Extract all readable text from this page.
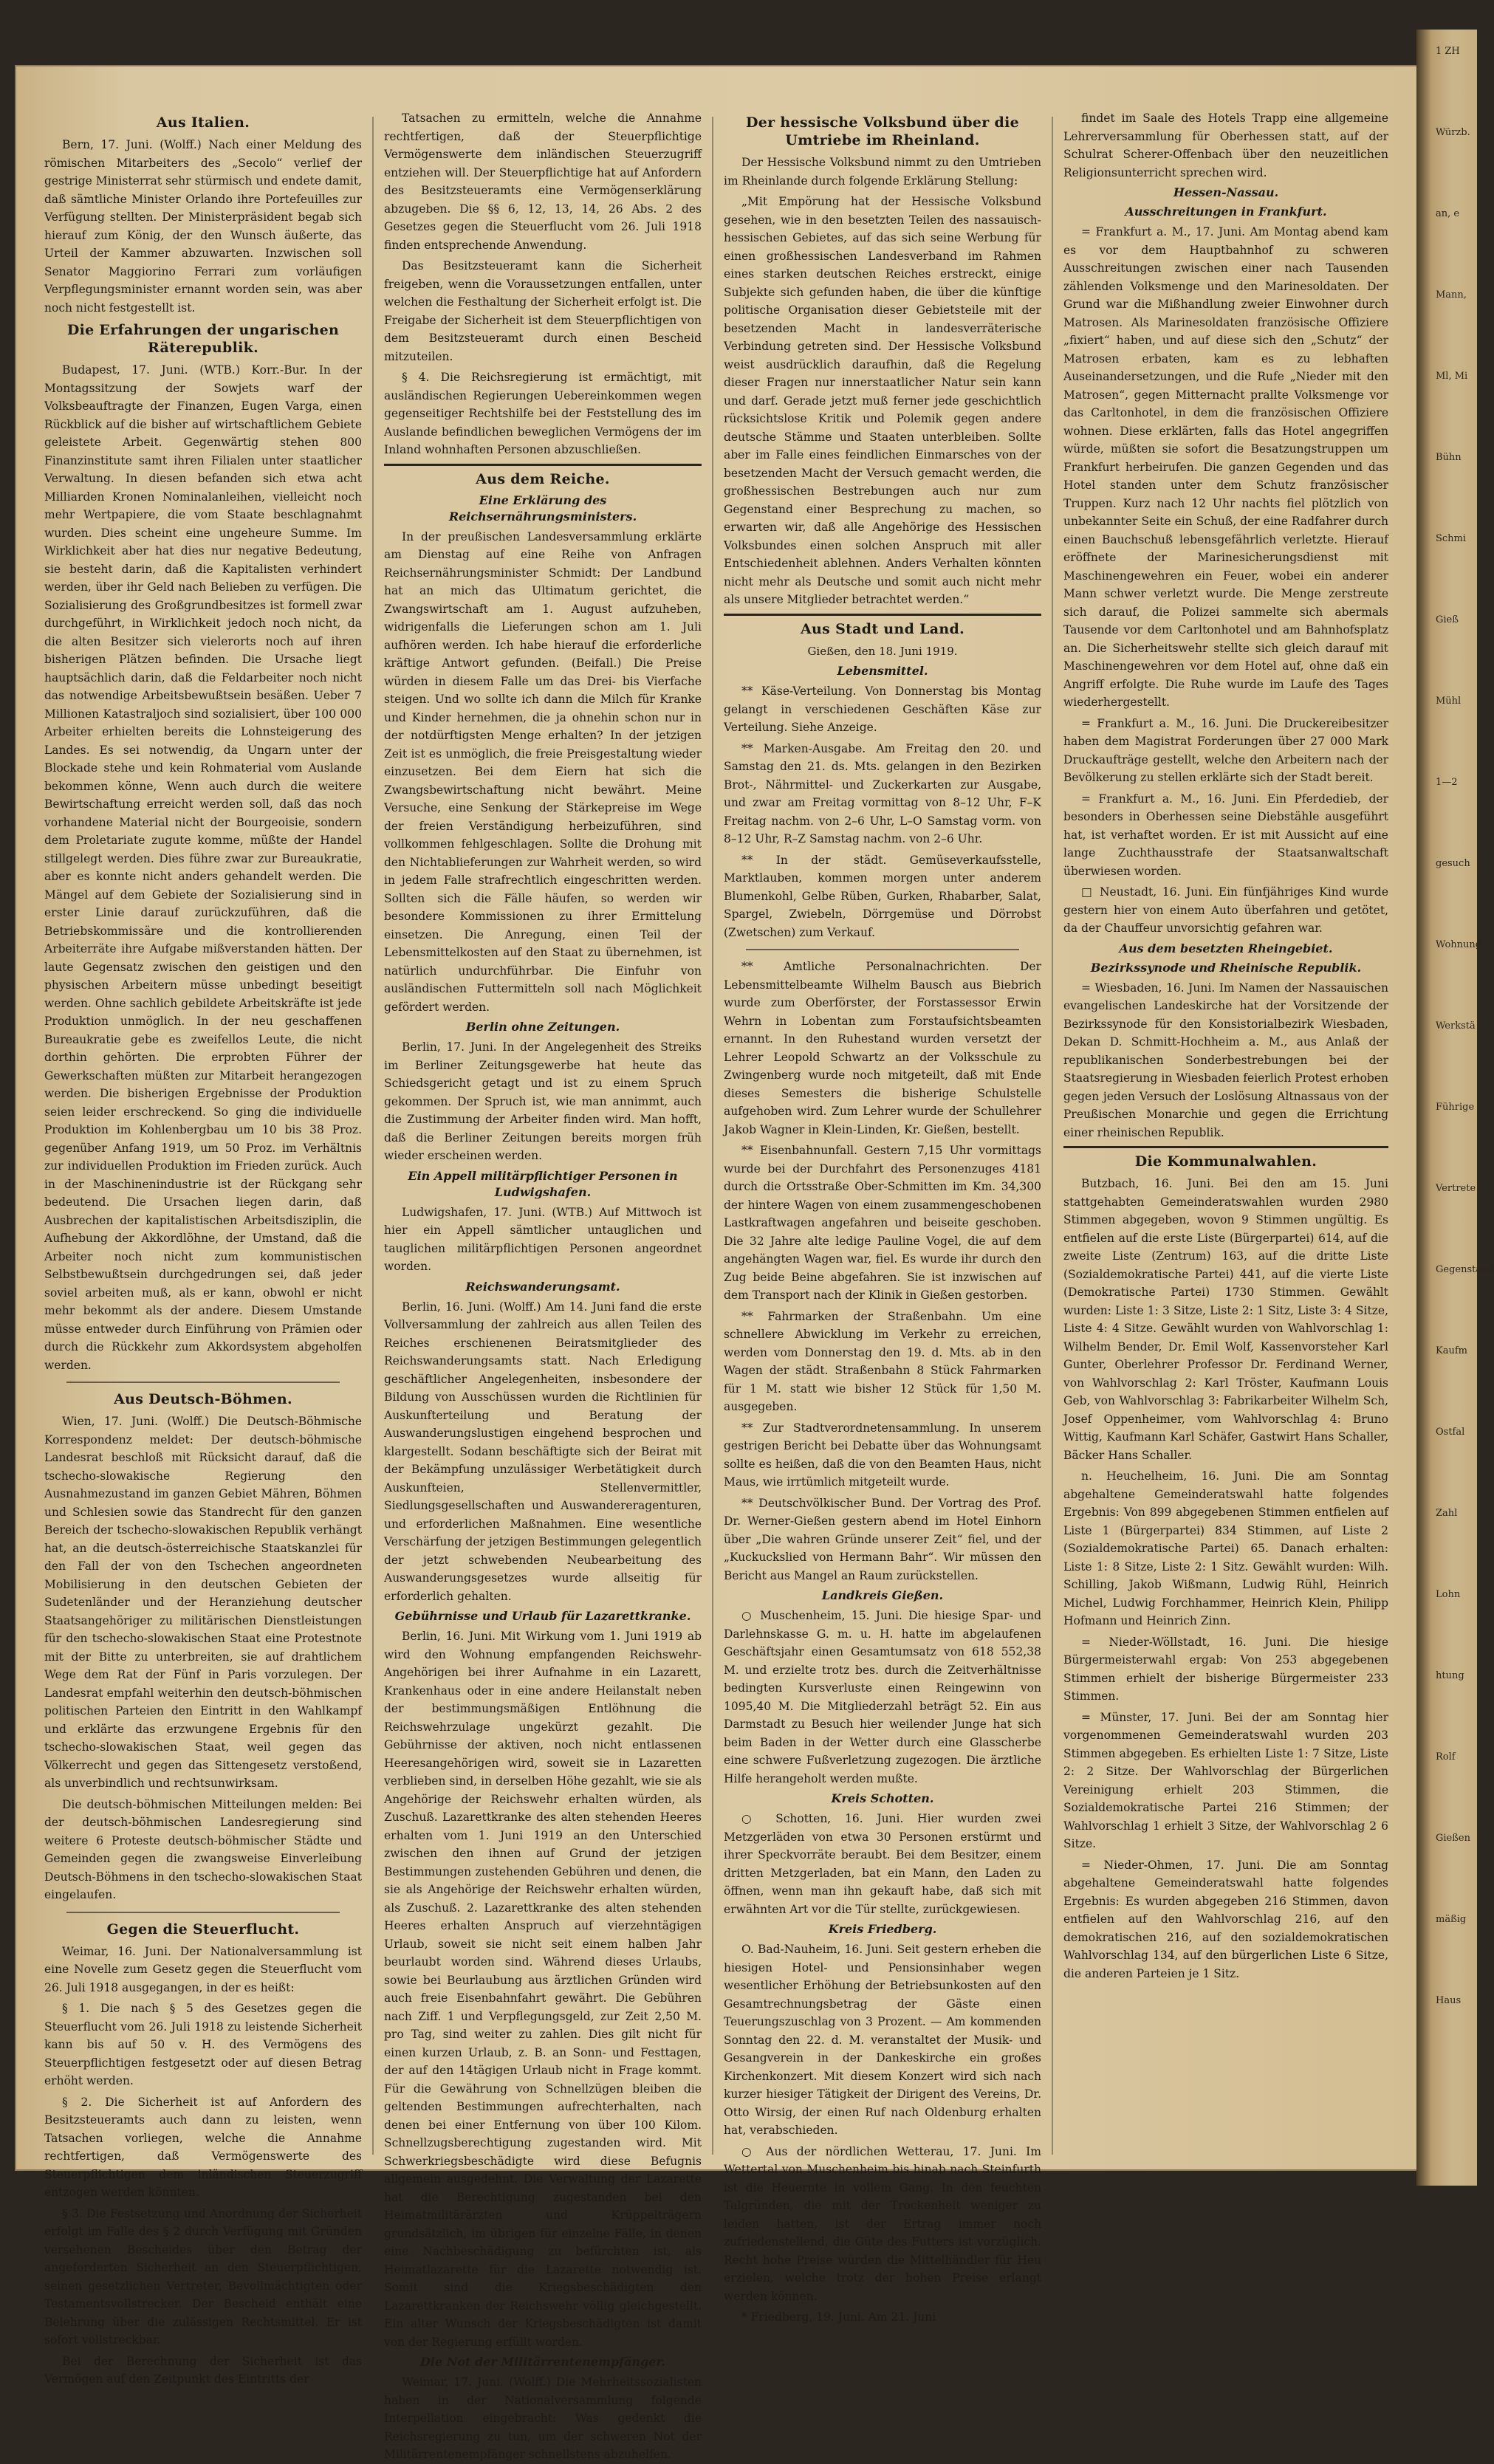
Aus Italien.

Bern, 17. Juni. (Wolff.) Nach einer Meldung des römischen Mitarbeiters des „Secolo“ verlief der gestrige Ministerrat sehr stürmisch und endete damit, daß sämtliche Minister Orlando ihre Portefeuilles zur Verfügung stellten. Der Ministerpräsident begab sich hierauf zum König, der den Wunsch äußerte, das Urteil der Kammer abzuwarten. Inzwischen soll Senator Maggiorino Ferrari zum vorläufigen Verpflegungsminister ernannt worden sein, was aber noch nicht festgestellt ist.

Die Erfahrungen der ungarischen Räterepublik.

Budapest, 17. Juni. (WTB.) Korr.-Bur. In der Montagssitzung der Sowjets warf der Volksbeauftragte der Finanzen, Eugen Varga, einen Rückblick auf die bisher auf wirtschaftlichem Gebiete geleistete Arbeit. Gegenwärtig stehen 800 Finanzinstitute samt ihren Filialen unter staatlicher Verwaltung. In diesen befanden sich etwa acht Milliarden Kronen Nominalanleihen, vielleicht noch mehr Wertpapiere, die vom Staate beschlagnahmt wurden. Dies scheint eine ungeheure Summe. Im Wirklichkeit aber hat dies nur negative Bedeutung, sie besteht darin, daß die Kapitalisten verhindert werden, über ihr Geld nach Belieben zu verfügen. Die Sozialisierung des Großgrundbesitzes ist formell zwar durchgeführt, in Wirklichkeit jedoch noch nicht, da die alten Besitzer sich vielerorts noch auf ihren bisherigen Plätzen befinden. Die Ursache liegt hauptsächlich darin, daß die Feldarbeiter noch nicht das notwendige Arbeitsbewußtsein besäßen. Ueber 7 Millionen Katastraljoch sind sozialisiert, über 100 000 Arbeiter erhielten bereits die Lohnsteigerung des Landes. Es sei notwendig, da Ungarn unter der Blockade stehe und kein Rohmaterial vom Auslande bekommen könne, Wenn auch durch die weitere Bewirtschaftung erreicht werden soll, daß das noch vorhandene Material nicht der Bourgeoisie, sondern dem Proletariate zugute komme, müßte der Handel stillgelegt werden. Dies führe zwar zur Bureaukratie, aber es konnte nicht anders gehandelt werden. Die Mängel auf dem Gebiete der Sozialisierung sind in erster Linie darauf zurückzuführen, daß die Betriebskommissäre und die kontrollierenden Arbeiterräte ihre Aufgabe mißverstanden hätten. Der laute Gegensatz zwischen den geistigen und den physischen Arbeitern müsse unbedingt beseitigt werden. Ohne sachlich gebildete Arbeitskräfte ist jede Produktion unmöglich. In der neu geschaffenen Bureaukratie gebe es zweifellos Leute, die nicht dorthin gehörten. Die erprobten Führer der Gewerkschaften müßten zur Mitarbeit herangezogen werden. Die bisherigen Ergebnisse der Produktion seien leider erschreckend. So ging die individuelle Produktion im Kohlenbergbau um 10 bis 38 Proz. gegenüber Anfang 1919, um 50 Proz. im Verhältnis zur individuellen Produktion im Frieden zurück. Auch in der Maschinenindustrie ist der Rückgang sehr bedeutend. Die Ursachen liegen darin, daß Ausbrechen der kapitalistischen Arbeitsdisziplin, die Aufhebung der Akkordlöhne, der Umstand, daß die Arbeiter noch nicht zum kommunistischen Selbstbewußtsein durchgedrungen sei, daß jeder soviel arbeiten muß, als er kann, obwohl er nicht mehr bekommt als der andere. Diesem Umstande müsse entweder durch Einführung von Prämien oder durch die Rückkehr zum Akkordsystem abgeholfen werden.

Aus Deutsch-Böhmen.

Wien, 17. Juni. (Wolff.) Die Deutsch-Böhmische Korrespondenz meldet: Der deutsch-böhmische Landesrat beschloß mit Rücksicht darauf, daß die tschecho-slowakische Regierung den Ausnahmezustand im ganzen Gebiet Mähren, Böhmen und Schlesien sowie das Standrecht für den ganzen Bereich der tschecho-slowakischen Republik verhängt hat, an die deutsch-österreichische Staatskanzlei für den Fall der von den Tschechen angeordneten Mobilisierung in den deutschen Gebieten der Sudetenländer und der Heranziehung deutscher Staatsangehöriger zu militärischen Dienstleistungen für den tschecho-slowakischen Staat eine Protestnote mit der Bitte zu unterbreiten, sie auf drahtlichem Wege dem Rat der Fünf in Paris vorzulegen. Der Landesrat empfahl weiterhin den deutsch-böhmischen politischen Parteien den Eintritt in den Wahlkampf und erklärte das erzwungene Ergebnis für den tschecho-slowakischen Staat, weil gegen das Völkerrecht und gegen das Sittengesetz verstoßend, als unverbindlich und rechtsunwirksam.

Die deutsch-böhmischen Mitteilungen melden: Bei der deutsch-böhmischen Landesregierung sind weitere 6 Proteste deutsch-böhmischer Städte und Gemeinden gegen die zwangsweise Einverleibung Deutsch-Böhmens in den tschecho-slowakischen Staat eingelaufen.

Gegen die Steuerflucht.

Weimar, 16. Juni. Der Nationalversammlung ist eine Novelle zum Gesetz gegen die Steuerflucht vom 26. Juli 1918 ausgegangen, in der es heißt:

§ 1. Die nach § 5 des Gesetzes gegen die Steuerflucht vom 26. Juli 1918 zu leistende Sicherheit kann bis auf 50 v. H. des Vermögens des Steuerpflichtigen festgesetzt oder auf diesen Betrag erhöht werden.

§ 2. Die Sicherheit ist auf Anfordern des Besitzsteueramts auch dann zu leisten, wenn Tatsachen vorliegen, welche die Annahme rechtfertigen, daß Vermögenswerte des Steuerpflichtigen dem inländischen Steuerzugriff entzogen werden könnten.

§ 3. Die Festsetzung und Anordnung der Sicherheit erfolgt im Falle des § 2 durch Verfügung mit Gründen versehenen Bescheides über den Betrag der angeforderten Sicherheit an den Steuerpflichtigen, seinen gesetzlichen Vertreter, Bevollmächtigten oder Testamentsvollstrecker. Der Bescheid enthält eine Belehrung über die zulässigen Rechtsmittel. Er ist sofort vollstreckbar.

Bei der Berechnung der Sicherheit ist das Vermögen auf den Zeitpunkt des Eintritts der

Tatsachen zu ermitteln, welche die Annahme rechtfertigen, daß der Steuerpflichtige Vermögenswerte dem inländischen Steuerzugriff entziehen will. Der Steuerpflichtige hat auf Anfordern des Besitzsteueramts eine Vermögenserklärung abzugeben. Die §§ 6, 12, 13, 14, 26 Abs. 2 des Gesetzes gegen die Steuerflucht vom 26. Juli 1918 finden entsprechende Anwendung.

Das Besitzsteueramt kann die Sicherheit freigeben, wenn die Voraussetzungen entfallen, unter welchen die Festhaltung der Sicherheit erfolgt ist. Die Freigabe der Sicherheit ist dem Steuerpflichtigen von dem Besitzsteueramt durch einen Bescheid mitzuteilen.

§ 4. Die Reichsregierung ist ermächtigt, mit ausländischen Regierungen Uebereinkommen wegen gegenseitiger Rechtshilfe bei der Feststellung des im Auslande befindlichen beweglichen Vermögens der im Inland wohnhaften Personen abzuschließen.

Aus dem Reiche.
Eine Erklärung des Reichsernährungsministers.

In der preußischen Landesversammlung erklärte am Dienstag auf eine Reihe von Anfragen Reichsernährungsminister Schmidt: Der Landbund hat an mich das Ultimatum gerichtet, die Zwangswirtschaft am 1. August aufzuheben, widrigenfalls die Lieferungen schon am 1. Juli aufhören werden. Ich habe hierauf die erforderliche kräftige Antwort gefunden. (Beifall.) Die Preise würden in diesem Falle um das Drei- bis Vierfache steigen. Und wo sollte ich dann die Milch für Kranke und Kinder hernehmen, die ja ohnehin schon nur in der notdürftigsten Menge erhalten? In der jetzigen Zeit ist es unmöglich, die freie Preisgestaltung wieder einzusetzen. Bei dem Eiern hat sich die Zwangsbewirtschaftung nicht bewährt. Meine Versuche, eine Senkung der Stärkepreise im Wege der freien Verständigung herbeizuführen, sind vollkommen fehlgeschlagen. Sollte die Drohung mit den Nichtablieferungen zur Wahrheit werden, so wird in jedem Falle strafrechtlich eingeschritten werden. Sollten sich die Fälle häufen, so werden wir besondere Kommissionen zu ihrer Ermittelung einsetzen. Die Anregung, einen Teil der Lebensmittelkosten auf den Staat zu übernehmen, ist natürlich undurchführbar. Die Einfuhr von ausländischen Futtermitteln soll nach Möglichkeit gefördert werden.

Berlin ohne Zeitungen.

Berlin, 17. Juni. In der Angelegenheit des Streiks im Berliner Zeitungsgewerbe hat heute das Schiedsgericht getagt und ist zu einem Spruch gekommen. Der Spruch ist, wie man annimmt, auch die Zustimmung der Arbeiter finden wird. Man hofft, daß die Berliner Zeitungen bereits morgen früh wieder erscheinen werden.

Ein Appell militärpflichtiger Personen in Ludwigshafen.

Ludwigshafen, 17. Juni. (WTB.) Auf Mittwoch ist hier ein Appell sämtlicher untauglichen und tauglichen militärpflichtigen Personen angeordnet worden.

Reichswanderungsamt.

Berlin, 16. Juni. (Wolff.) Am 14. Juni fand die erste Vollversammlung der zahlreich aus allen Teilen des Reiches erschienenen Beiratsmitglieder des Reichswanderungsamts statt. Nach Erledigung geschäftlicher Angelegenheiten, insbesondere der Bildung von Ausschüssen wurden die Richtlinien für Auskunfterteilung und Beratung der Auswanderungslustigen eingehend besprochen und klargestellt. Sodann beschäftigte sich der Beirat mit der Bekämpfung unzulässiger Werbetätigkeit durch Auskunfteien, Stellenvermittler, Siedlungsgesellschaften und Auswandereragenturen, und erforderlichen Maßnahmen. Eine wesentliche Verschärfung der jetzigen Bestimmungen gelegentlich der jetzt schwebenden Neubearbeitung des Auswanderungsgesetzes wurde allseitig für erforderlich gehalten.

Gebührnisse und Urlaub für Lazarettkranke.

Berlin, 16. Juni. Mit Wirkung vom 1. Juni 1919 ab wird den Wohnung empfangenden Reichswehr-Angehörigen bei ihrer Aufnahme in ein Lazarett, Krankenhaus oder in eine andere Heilanstalt neben der bestimmungsmäßigen Entlöhnung die Reichswehrzulage ungekürzt gezahlt. Die Gebührnisse der aktiven, noch nicht entlassenen Heeresangehörigen wird, soweit sie in Lazaretten verblieben sind, in derselben Höhe gezahlt, wie sie als Angehörige der Reichswehr erhalten würden, als Zuschuß. Lazarettkranke des alten stehenden Heeres erhalten vom 1. Juni 1919 an den Unterschied zwischen den ihnen auf Grund der jetzigen Bestimmungen zustehenden Gebühren und denen, die sie als Angehörige der Reichswehr erhalten würden, als Zuschuß. 2. Lazarettkranke des alten stehenden Heeres erhalten Anspruch auf vierzehntägigen Urlaub, soweit sie nicht seit einem halben Jahr beurlaubt worden sind. Während dieses Urlaubs, sowie bei Beurlaubung aus ärztlichen Gründen wird auch freie Eisenbahnfahrt gewährt. Die Gebühren nach Ziff. 1 und Verpflegungsgeld, zur Zeit 2,50 M. pro Tag, sind weiter zu zahlen. Dies gilt nicht für einen kurzen Urlaub, z. B. an Sonn- und Festtagen, der auf den 14tägigen Urlaub nicht in Frage kommt. Für die Gewährung von Schnellzügen bleiben die geltenden Bestimmungen aufrechterhalten, nach denen bei einer Entfernung von über 100 Kilom. Schnellzugsberechtigung zugestanden wird. Mit Schwerkriegsbeschädigte wird diese Befugnis allgemein ausgedehnt. Die Verwaltung der Lazarette hat die Berechtigung zugestanden bei den Heimatmilitärärzten und Krüppelträgern grundsätzlich, im übrigen für einzelne Fälle, in denen eine Nachbeschädigung zu befürchten ist, als Heimatlazarette für die Lazarette notwendig ist. Somit sind die Kriegsbeschädigten den Lazarettkranken der Reichswehr völlig gleichgestellt. Ein alter Wunsch der Kriegsbeschädigten ist damit von der Regierung erfüllt worden.

Die Not der Militärrentenempfänger.

Weimar, 17. Juni. (Wolff.) Die Mehrheitssozialisten haben in der Nationalversammlung folgende Interpellation eingebracht: Was gedenkt die Reichsregierung zu tun, um der schweren Not der Militärrentenempfänger schnellstens abzuhelfen.

Der hessische Volksbund über die Umtriebe im Rheinland.

Der Hessische Volksbund nimmt zu den Umtrieben im Rheinlande durch folgende Erklärung Stellung:

„Mit Empörung hat der Hessische Volksbund gesehen, wie in den besetzten Teilen des nassauisch-hessischen Gebietes, auf das sich seine Werbung für einen großhessischen Landesverband im Rahmen eines starken deutschen Reiches erstreckt, einige Subjekte sich gefunden haben, die über die künftige politische Organisation dieser Gebietsteile mit der besetzenden Macht in landesverräterische Verbindung getreten sind. Der Hessische Volksbund weist ausdrücklich daraufhin, daß die Regelung dieser Fragen nur innerstaatlicher Natur sein kann und darf. Gerade jetzt muß ferner jede geschichtlich rücksichtslose Kritik und Polemik gegen andere deutsche Stämme und Staaten unterbleiben. Sollte aber im Falle eines feindlichen Einmarsches von der besetzenden Macht der Versuch gemacht werden, die großhessischen Bestrebungen auch nur zum Gegenstand einer Besprechung zu machen, so erwarten wir, daß alle Angehörige des Hessischen Volksbundes einen solchen Anspruch mit aller Entschiedenheit ablehnen. Anders Verhalten könnten nicht mehr als Deutsche und somit auch nicht mehr als unsere Mitglieder betrachtet werden.“

Aus Stadt und Land.
Gießen, den 18. Juni 1919.
Lebensmittel.

** Käse-Verteilung. Von Donnerstag bis Montag gelangt in verschiedenen Geschäften Käse zur Verteilung. Siehe Anzeige.

** Marken-Ausgabe. Am Freitag den 20. und Samstag den 21. ds. Mts. gelangen in den Bezirken Brot-, Nährmittel- und Zuckerkarten zur Ausgabe, und zwar am Freitag vormittag von 8–12 Uhr, F–K Freitag nachm. von 2–6 Uhr, L–O Samstag vorm. von 8–12 Uhr, R–Z Samstag nachm. von 2–6 Uhr.

** In der städt. Gemüseverkaufsstelle, Marktlauben, kommen morgen unter anderem Blumenkohl, Gelbe Rüben, Gurken, Rhabarber, Salat, Spargel, Zwiebeln, Dörrgemüse und Dörrobst (Zwetschen) zum Verkauf.

** Amtliche Personalnachrichten. Der Lebensmittelbeamte Wilhelm Bausch aus Biebrich wurde zum Oberförster, der Forstassessor Erwin Wehrn in Lobentan zum Forstaufsichtsbeamten ernannt. In den Ruhestand wurden versetzt der Lehrer Leopold Schwartz an der Volksschule zu Zwingenberg wurde noch mitgeteilt, daß mit Ende dieses Semesters die bisherige Schulstelle aufgehoben wird. Zum Lehrer wurde der Schullehrer Jakob Wagner in Klein-Linden, Kr. Gießen, bestellt.

** Eisenbahnunfall. Gestern 7,15 Uhr vormittags wurde bei der Durchfahrt des Personenzuges 4181 durch die Ortsstraße Ober-Schmitten im Km. 34,300 der hintere Wagen von einem zusammengeschobenen Lastkraftwagen angefahren und beiseite geschoben. Die 32 Jahre alte ledige Pauline Vogel, die auf dem angehängten Wagen war, fiel. Es wurde ihr durch den Zug beide Beine abgefahren. Sie ist inzwischen auf dem Transport nach der Klinik in Gießen gestorben.

** Fahrmarken der Straßenbahn. Um eine schnellere Abwicklung im Verkehr zu erreichen, werden vom Donnerstag den 19. d. Mts. ab in den Wagen der städt. Straßenbahn 8 Stück Fahrmarken für 1 M. statt wie bisher 12 Stück für 1,50 M. ausgegeben.

** Zur Stadtverordnetensammlung. In unserem gestrigen Bericht bei Debatte über das Wohnungsamt sollte es heißen, daß die von den Beamten Haus, nicht Maus, wie irrtümlich mitgeteilt wurde.

** Deutschvölkischer Bund. Der Vortrag des Prof. Dr. Werner-Gießen gestern abend im Hotel Einhorn über „Die wahren Gründe unserer Zeit“ fiel, und der „Kuckuckslied von Hermann Bahr“. Wir müssen den Bericht aus Mangel an Raum zurückstellen.

Landkreis Gießen.

○ Muschenheim, 15. Juni. Die hiesige Spar- und Darlehnskasse G. m. u. H. hatte im abgelaufenen Geschäftsjahr einen Gesamtumsatz von 618 552,38 M. und erzielte trotz bes. durch die Zeitverhältnisse bedingten Kursverluste einen Reingewinn von 1095,40 M. Die Mitgliederzahl beträgt 52. Ein aus Darmstadt zu Besuch hier weilender Junge hat sich beim Baden in der Wetter durch eine Glasscherbe eine schwere Fußverletzung zugezogen. Die ärztliche Hilfe herangeholt werden mußte.

Kreis Schotten.

○ Schotten, 16. Juni. Hier wurden zwei Metzgerläden von etwa 30 Personen erstürmt und ihrer Speckvorräte beraubt. Bei dem Besitzer, einem dritten Metzgerladen, bat ein Mann, den Laden zu öffnen, wenn man ihn gekauft habe, daß sich mit erwähnten Art vor die Tür stellte, zurückgewiesen.

Kreis Friedberg.

O. Bad-Nauheim, 16. Juni. Seit gestern erheben die hiesigen Hotel- und Pensionsinhaber wegen wesentlicher Erhöhung der Betriebsunkosten auf den Gesamtrechnungsbetrag der Gäste einen Teuerungszuschlag von 3 Prozent. — Am kommenden Sonntag den 22. d. M. veranstaltet der Musik- und Gesangverein in der Dankeskirche ein großes Kirchenkonzert. Mit diesem Konzert wird sich nach kurzer hiesiger Tätigkeit der Dirigent des Vereins, Dr. Otto Wirsig, der einen Ruf nach Oldenburg erhalten hat, verabschieden.

○ Aus der nördlichen Wetterau, 17. Juni. Im Wettertal von Muschenheim bis hinab nach Steinfurth ist die Heuernte in vollem Gang. In den feuchten Talgründen, die mit der Trockenheit weniger zu leiden hatten, ist der Ertrag immer noch zufriedenstellend, die Güte des Futters ist vorzüglich. Recht hohe Preise würden die Mittelhändler für Heu erzielen, welche trotz der hohen Preise erlangt werden können.

* Friedberg, 19. Juni. Am 21. Juni

findet im Saale des Hotels Trapp eine allgemeine Lehrerversammlung für Oberhessen statt, auf der Schulrat Scherer-Offenbach über den neuzeitlichen Religionsunterricht sprechen wird.

Hessen-Nassau.
Ausschreitungen in Frankfurt.

= Frankfurt a. M., 17. Juni. Am Montag abend kam es vor dem Hauptbahnhof zu schweren Ausschreitungen zwischen einer nach Tausenden zählenden Volksmenge und den Marinesoldaten. Der Grund war die Mißhandlung zweier Einwohner durch Matrosen. Als Marinesoldaten französische Offiziere „fixiert“ haben, und auf diese sich den „Schutz“ der Matrosen erbaten, kam es zu lebhaften Auseinandersetzungen, und die Rufe „Nieder mit den Matrosen“, gegen Mitternacht prallte Volksmenge vor das Carltonhotel, in dem die französischen Offiziere wohnen. Diese erklärten, falls das Hotel angegriffen würde, müßten sie sofort die Besatzungstruppen um Frankfurt herbeirufen. Die ganzen Gegenden und das Hotel standen unter dem Schutz französischer Truppen. Kurz nach 12 Uhr nachts fiel plötzlich von unbekannter Seite ein Schuß, der eine Radfahrer durch einen Bauchschuß lebensgefährlich verletzte. Hierauf eröffnete der Marinesicherungsdienst mit Maschinengewehren ein Feuer, wobei ein anderer Mann schwer verletzt wurde. Die Menge zerstreute sich darauf, die Polizei sammelte sich abermals Tausende vor dem Carltonhotel und am Bahnhofsplatz an. Die Sicherheitswehr stellte sich gleich darauf mit Maschinengewehren vor dem Hotel auf, ohne daß ein Angriff erfolgte. Die Ruhe wurde im Laufe des Tages wiederhergestellt.

= Frankfurt a. M., 16. Juni. Die Druckereibesitzer haben dem Magistrat Forderungen über 27 000 Mark Druckaufträge gestellt, welche den Arbeitern nach der Bevölkerung zu stellen erklärte sich der Stadt bereit.

= Frankfurt a. M., 16. Juni. Ein Pferdedieb, der besonders in Oberhessen seine Diebstähle ausgeführt hat, ist verhaftet worden. Er ist mit Aussicht auf eine lange Zuchthausstrafe der Staatsanwaltschaft überwiesen worden.

□ Neustadt, 16. Juni. Ein fünfjähriges Kind wurde gestern hier von einem Auto überfahren und getötet, da der Chauffeur unvorsichtig gefahren war.

Aus dem besetzten Rheingebiet.
Bezirkssynode und Rheinische Republik.

= Wiesbaden, 16. Juni. Im Namen der Nassauischen evangelischen Landeskirche hat der Vorsitzende der Bezirkssynode für den Konsistorialbezirk Wiesbaden, Dekan D. Schmitt-Hochheim a. M., aus Anlaß der republikanischen Sonderbestrebungen bei der Staatsregierung in Wiesbaden feierlich Protest erhoben gegen jeden Versuch der Loslösung Altnassaus von der Preußischen Monarchie und gegen die Errichtung einer rheinischen Republik.

Die Kommunalwahlen.

Butzbach, 16. Juni. Bei den am 15. Juni stattgehabten Gemeinderatswahlen wurden 2980 Stimmen abgegeben, wovon 9 Stimmen ungültig. Es entfielen auf die erste Liste (Bürgerpartei) 614, auf die zweite Liste (Zentrum) 163, auf die dritte Liste (Sozialdemokratische Partei) 441, auf die vierte Liste (Demokratische Partei) 1730 Stimmen. Gewählt wurden: Liste 1: 3 Sitze, Liste 2: 1 Sitz, Liste 3: 4 Sitze, Liste 4: 4 Sitze. Gewählt wurden von Wahlvorschlag 1: Wilhelm Bender, Dr. Emil Wolf, Kassenvorsteher Karl Gunter, Oberlehrer Professor Dr. Ferdinand Werner, von Wahlvorschlag 2: Karl Tröster, Kaufmann Louis Geb, von Wahlvorschlag 3: Fabrikarbeiter Wilhelm Sch, Josef Oppenheimer, vom Wahlvorschlag 4: Bruno Wittig, Kaufmann Karl Schäfer, Gastwirt Hans Schaller, Bäcker Hans Schaller.

n. Heuchelheim, 16. Juni. Die am Sonntag abgehaltene Gemeinderatswahl hatte folgendes Ergebnis: Von 899 abgegebenen Stimmen entfielen auf Liste 1 (Bürgerpartei) 834 Stimmen, auf Liste 2 (Sozialdemokratische Partei) 65. Danach erhalten: Liste 1: 8 Sitze, Liste 2: 1 Sitz. Gewählt wurden: Wilh. Schilling, Jakob Wißmann, Ludwig Rühl, Heinrich Michel, Ludwig Forchhammer, Heinrich Klein, Philipp Hofmann und Heinrich Zinn.

= Nieder-Wöllstadt, 16. Juni. Die hiesige Bürgermeisterwahl ergab: Von 253 abgegebenen Stimmen erhielt der bisherige Bürgermeister 233 Stimmen.

= Münster, 17. Juni. Bei der am Sonntag hier vorgenommenen Gemeinderatswahl wurden 203 Stimmen abgegeben. Es erhielten Liste 1: 7 Sitze, Liste 2: 2 Sitze. Der Wahlvorschlag der Bürgerlichen Vereinigung erhielt 203 Stimmen, die Sozialdemokratische Partei 216 Stimmen; der Wahlvorschlag 1 erhielt 3 Sitze, der Wahlvorschlag 2 6 Sitze.

= Nieder-Ohmen, 17. Juni. Die am Sonntag abgehaltene Gemeinderatswahl hatte folgendes Ergebnis: Es wurden abgegeben 216 Stimmen, davon entfielen auf den Wahlvorschlag 216, auf den demokratischen 216, auf den sozialdemokratischen Wahlvorschlag 134, auf den bürgerlichen Liste 6 Sitze, die anderen Parteien je 1 Sitz.

1 ZH
Würzb.
an, e
Mann,
Ml, Mi
Bühn
Schmi
Gieß
Mühl
1—2
gesuch
Wohnung
Werkstä
Führige
Vertrete
Gegenstand
Kaufm
Ostfal
Zahl
Lohn
htung
Rolf
Gießen
mäßig
Haus
